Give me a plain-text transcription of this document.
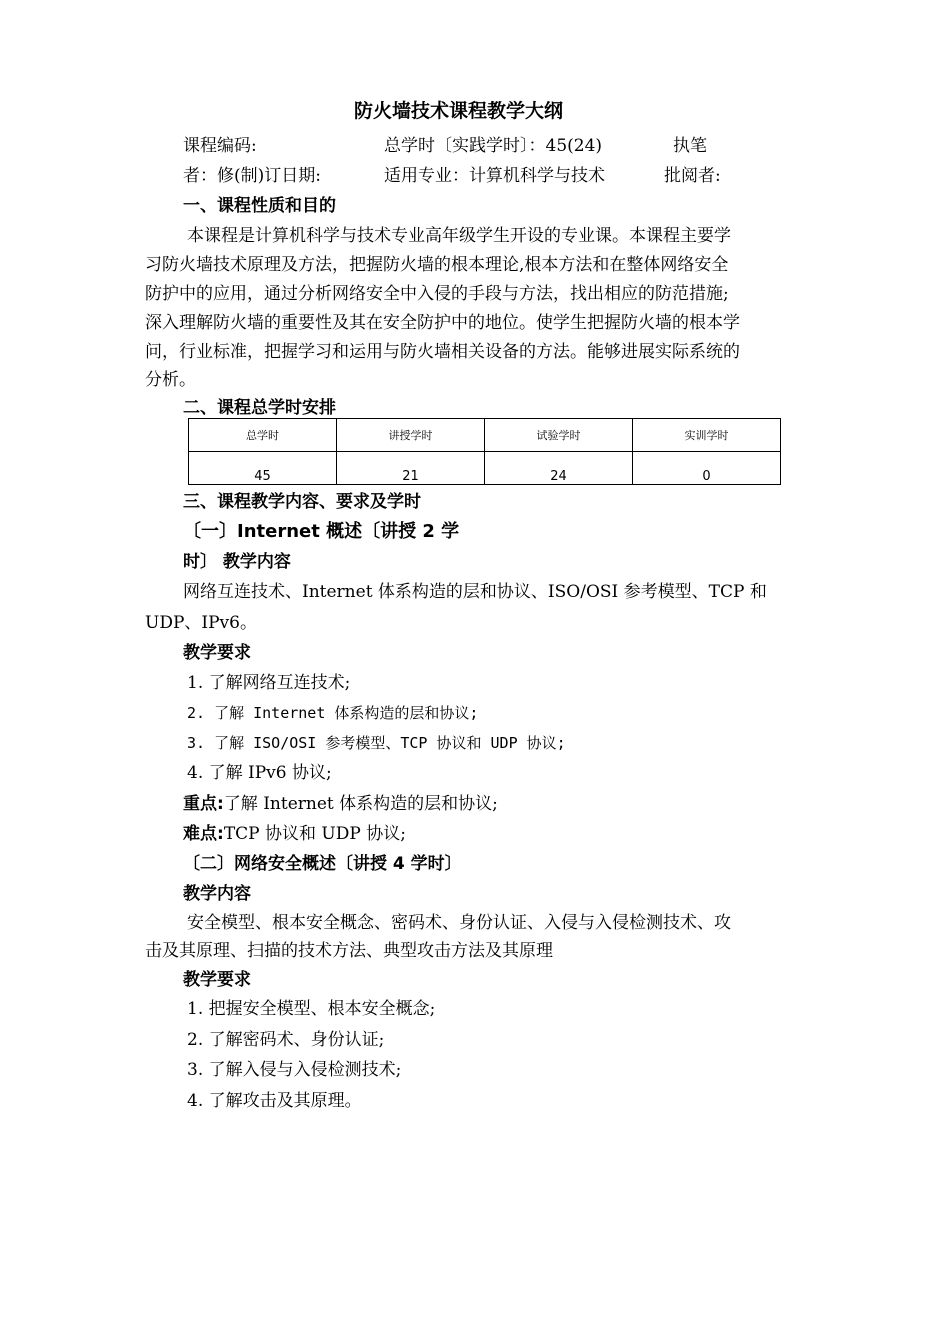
防火墙技术课程教学大纲
课程编码:	总学时〔实践学时〕：45(24)	执笔
者：修(制)订日期:	适用专业：计算机科学与技术	批阅者:
一、课程性质和目的
本课程是计算机科学与技术专业高年级学生开设的专业课。本课程主要学
习防火墙技术原理及方法，把握防火墙的根本理论,根本方法和在整体网络安全
防护中的应用，通过分析网络安全中入侵的手段与方法，找出相应的防范措施;
深入理解防火墙的重要性及其在安全防护中的地位。使学生把握防火墙的根本学
问，行业标准，把握学习和运用与防火墙相关设备的方法。能够进展实际系统的
分析。
二、课程总学时安排
总学时	讲授学时	试验学时	实训学时
45	21	24	0
三、课程教学内容、要求及学时
〔一〕Internet 概述〔讲授 2 学
时〕 教学内容
网络互连技术、Internet 体系构造的层和协议、ISO/OSI 参考模型、TCP 和
UDP、IPv6。
教学要求
1. 了解网络互连技术;
2. 了解 Internet 体系构造的层和协议;
3. 了解 ISO/OSI 参考模型、TCP 协议和 UDP 协议;
4. 了解 IPv6 协议;
重点:了解 Internet 体系构造的层和协议;
难点:TCP 协议和 UDP 协议;
〔二〕网络安全概述〔讲授 4 学时〕
教学内容
安全模型、根本安全概念、密码术、身份认证、入侵与入侵检测技术、攻
击及其原理、扫描的技术方法、典型攻击方法及其原理
教学要求
1. 把握安全模型、根本安全概念;
2. 了解密码术、身份认证;
3. 了解入侵与入侵检测技术;
4. 了解攻击及其原理。
